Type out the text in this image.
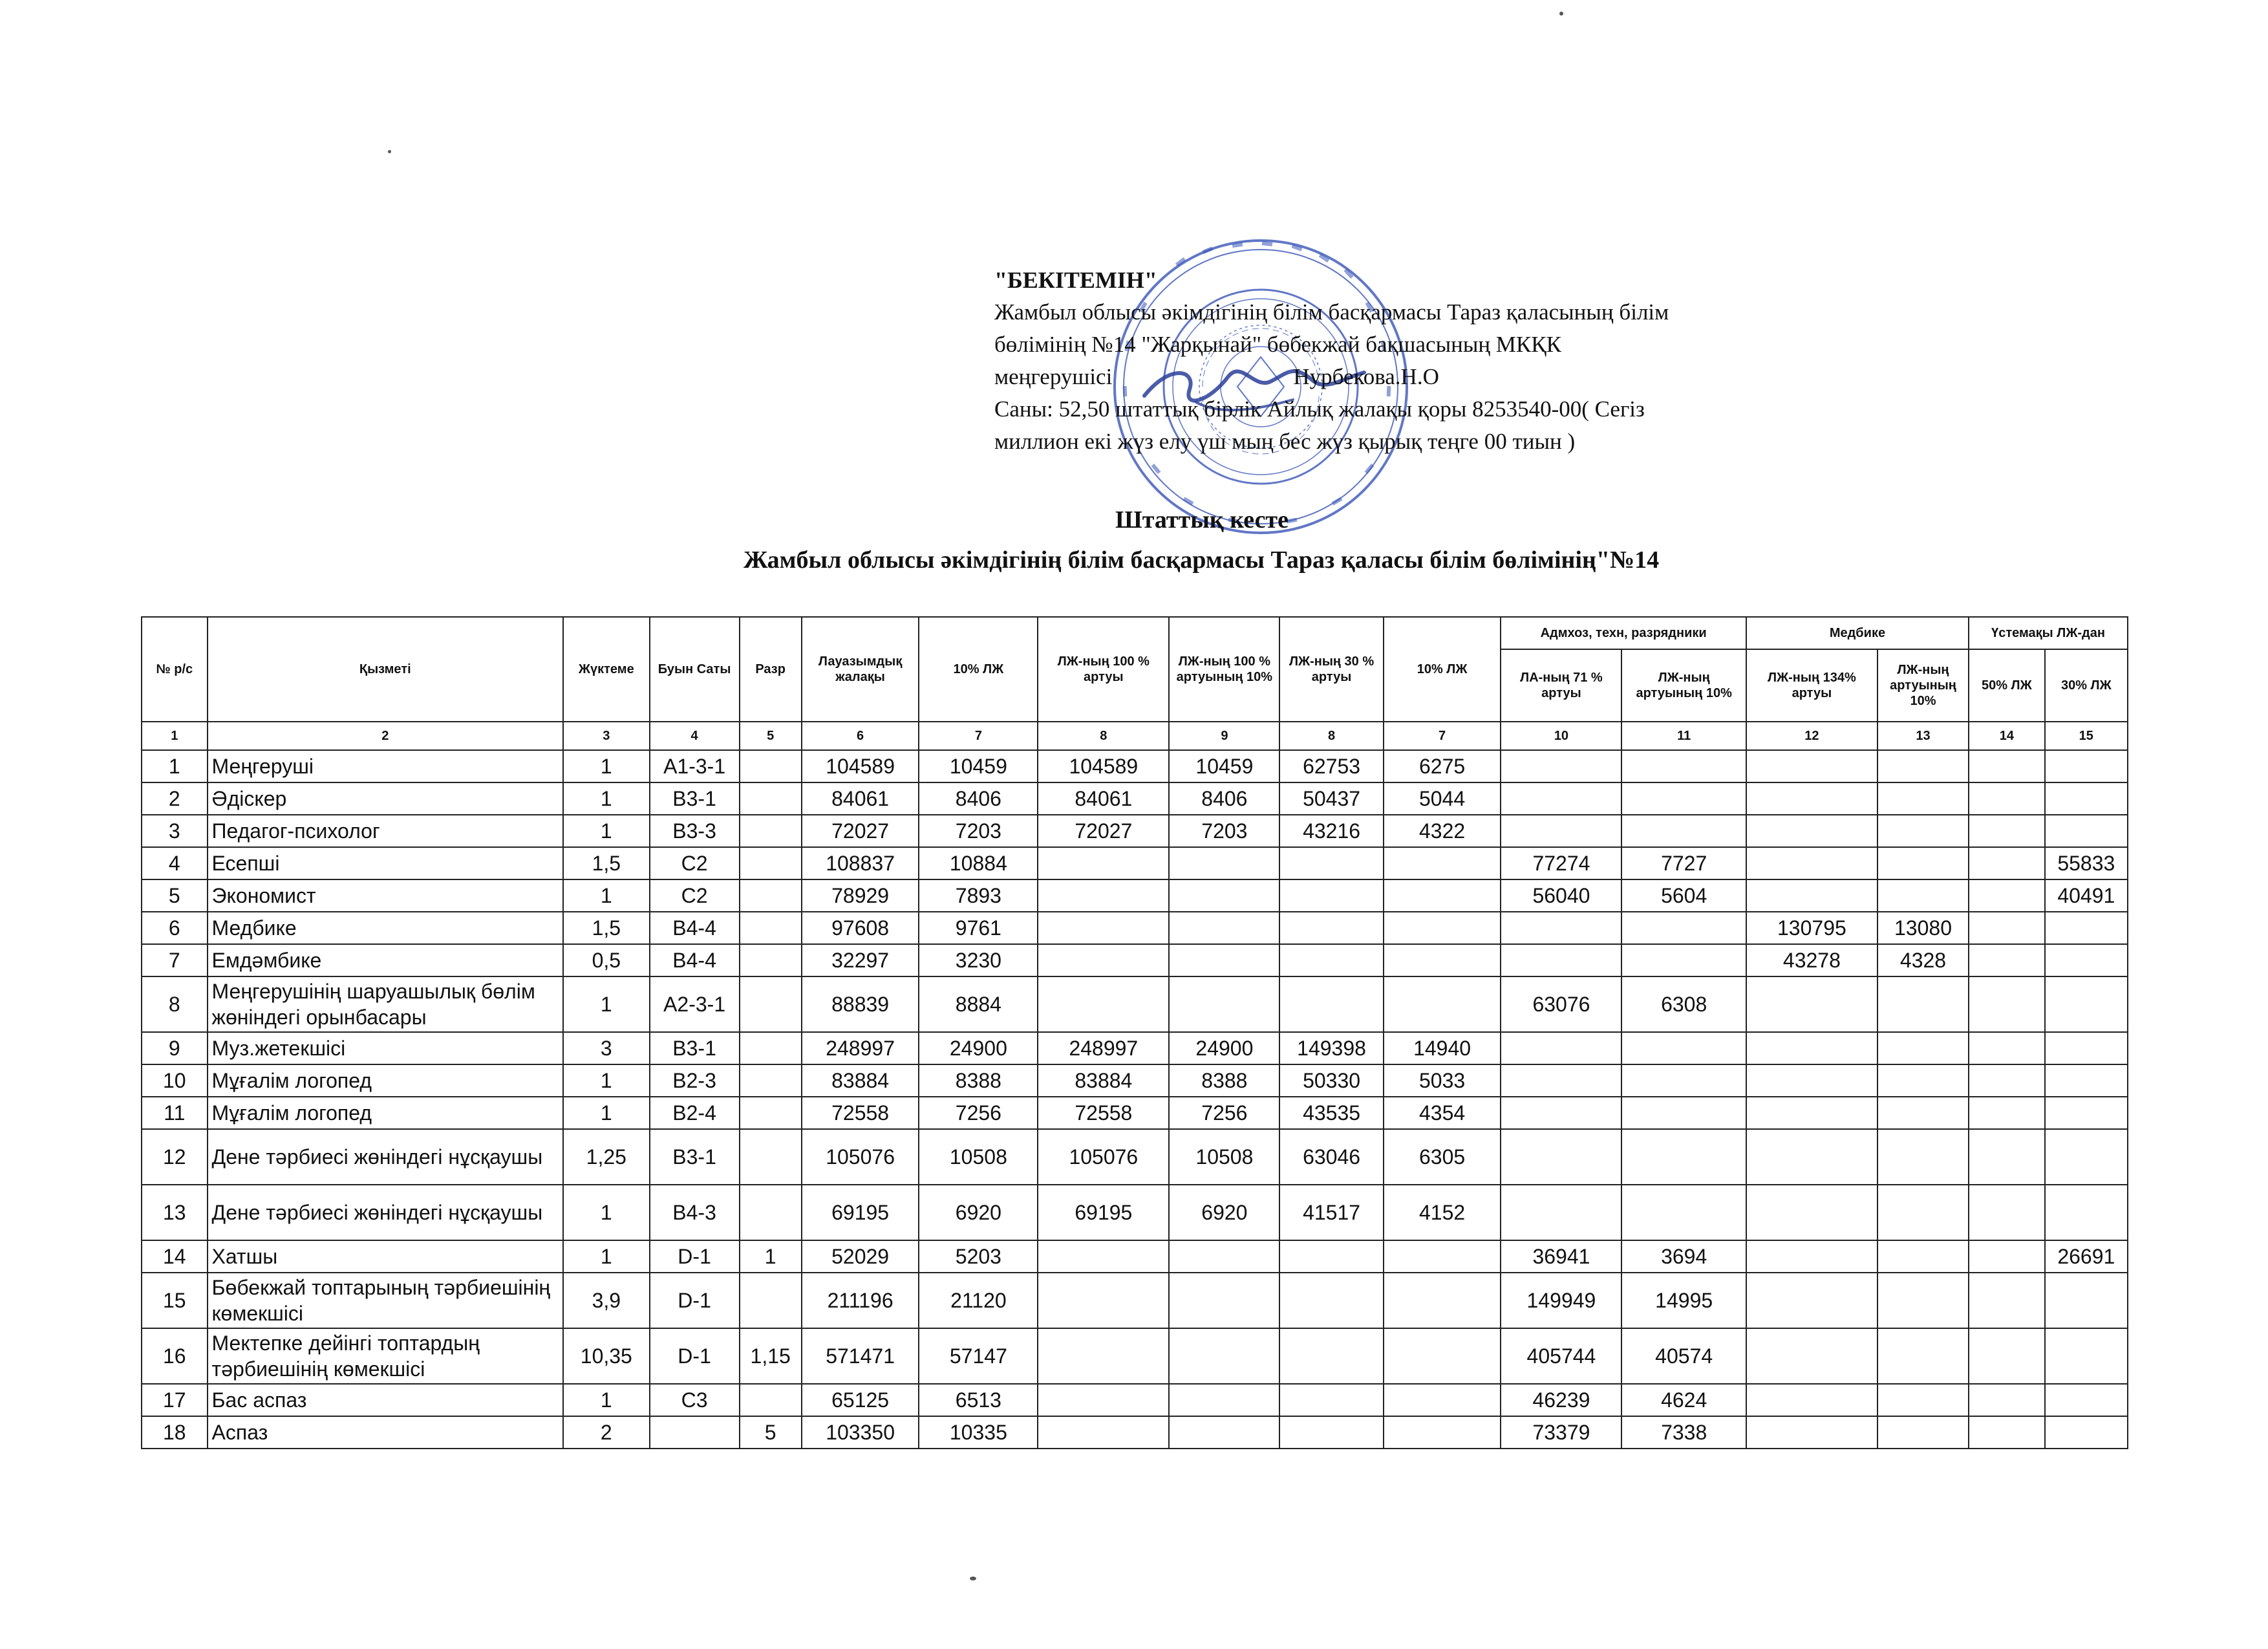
"БЕКІТЕМІН"
Жамбыл облысы әкімдігінің білім басқармасы Тараз қаласының білім
бөлімінің №14 "Жарқынай" бөбекжай бақшасының МКҚК
меңгерушісі	Нурбекова.Н.О
Саны: 52,50 штаттық бірлік Айлық жалақы қоры 8253540-00( Сегіз
миллион екі жүз елу үш мың бес жүз қырық теңге 00 тиын )
Штаттық кесте
Жамбыл облысы әкімдігінің білім басқармасы Тараз қаласы білім бөлімінің"№14
№ р/с	Қызметі	Жүктеме	Буын Саты	Разр	Лауазымдық жалақы	10% ЛЖ	ЛЖ-ның 100 % артуы	ЛЖ-ның 100 % артуының 10%	ЛЖ-ның 30 % артуы	10% ЛЖ	Адмхоз, техн, разрядники		Медбике		Үстемақы ЛЖ-дан	
											ЛА-ның 71 % артуы	ЛЖ-ның артуының 10%	ЛЖ-ның 134% артуы	ЛЖ-ның артуының 10%	50% ЛЖ	30% ЛЖ
1	2	3	4	5	6	7	8	9	8	7	10	11	12	13	14	15
1	Меңгеруші	1	А1-3-1		104589	10459	104589	10459	62753	6275						
2	Әдіскер	1	В3-1		84061	8406	84061	8406	50437	5044						
3	Педагог-психолог	1	В3-3		72027	7203	72027	7203	43216	4322						
4	Есепші	1,5	С2		108837	10884					77274	7727				55833
5	Экономист	1	С2		78929	7893					56040	5604				40491
6	Медбике	1,5	В4-4		97608	9761							130795	13080		
7	Емдәмбике	0,5	В4-4		32297	3230							43278	4328		
8	Меңгерушінің шаруашылық бөлім жөніндегі орынбасары	1	А2-3-1		88839	8884					63076	6308				
9	Муз.жетекшісі	3	В3-1		248997	24900	248997	24900	149398	14940						
10	Мұғалім логопед	1	В2-3		83884	8388	83884	8388	50330	5033						
11	Мұғалім логопед	1	В2-4		72558	7256	72558	7256	43535	4354						
12	Дене тәрбиесі жөніндегі нұсқаушы	1,25	В3-1		105076	10508	105076	10508	63046	6305						
13	Дене тәрбиесі жөніндегі нұсқаушы	1	В4-3		69195	6920	69195	6920	41517	4152						
14	Хатшы	1	D-1	1	52029	5203					36941	3694				26691
15	Бөбекжай топтарының тәрбиешінің көмекшісі	3,9	D-1		211196	21120					149949	14995				
16	Мектепке дейінгі топтардың тәрбиешінің көмекшісі	10,35	D-1	1,15	571471	57147					405744	40574				
17	Бас аспаз	1	С3		65125	6513					46239	4624				
18	Аспаз	2		5	103350	10335					73379	7338				
